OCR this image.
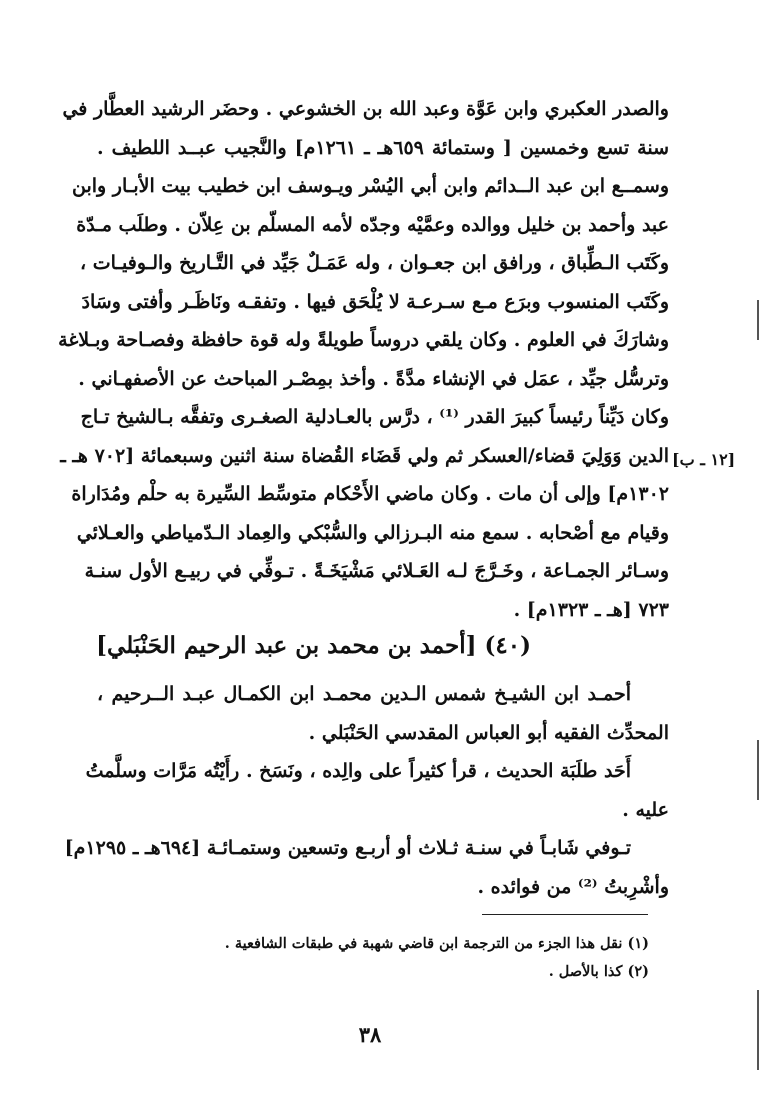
والصدر العكبري وابن عَوَّة وعبد الله بن الخشوعي . وحضَر الرشيد العطَّار في

سنة تسع وخمسين [ وستمائة ٦٥٩هـ ـ ١٢٦١م] والنَّجيب عبــد اللطيف .

وسمــع ابن عبد الــدائم وابن أبي اليُسْر ويـوسف ابن خطيب بيت الأبـار وابن

عبد وأحمد بن خليل ووالده وعمَّيْه وجدّه لأمه المسلّم بن عِلاّن . وطلَب مـدّة

وكَتَب الـطِّباق ، ورافق ابن جعـوان ، وله عَمَـلٌ جَيِّد في التَّـاريخ والـوفيـات ،

وكَتَب المنسوب وبرَع مـع سـرعـة لا يُلْحَق فيها . وتفقـه ونَاظَـر وأفتى وسَادَ

وشارَكَ في العلوم . وكان يلقي دروساً طويلةً وله قوة حافظة وفصـاحة وبـلاغة

وترسُّل جيِّد ، عمَل في الإنشاء مدَّةً . وأخذ بمِصْـر المباحث عن الأصفهـاني .

وكان دَيِّناً رئيساً كبيرَ القدر ⁽¹⁾ ، درَّس بالعـادلية الصغـرى وتفقَّه بـالشيخ تـاج

الدين وَوَلِيَ قضاء/العسكر ثم ولي قَضَاء القُضاة سنة اثنين وسبعمائة [٧٠٢ هـ ـ

١٣٠٢م] وإلى أن مات . وكان ماضي الأَحْكام متوسِّط السِّيرة به حلْم ومُدَاراة

وقيام مع أصْحابه . سمع منه البـرزالي والسُّبْكي والعِماد الـدّمياطي والعـلائي

وسـائر الجمـاعة ، وخَـرَّجَ لـه العَـلائي مَشْيَخَـةً . تـوفِّي في ربيـع الأول سنـة

٧٢٣ [هـ ـ ١٣٢٣م] .

[١٢ ـ ب]
(٤٠) [أحمد بن محمد بن عبد الرحيم الحَنْبَلي]

أحمـد ابن الشيـخ شمس الـدين محمـد ابن الكمـال عبـد الــرحيم ،

المحدِّث الفقيه أبو العباس المقدسي الحَنْبَلي .

أَحَد طلَبَة الحديث ، قرأ كثيراً على والِده ، ونَسَخ . رأَيْتُه مَرَّات وسلَّمتُ

عليه .

تـوفي شَابـاً في سنـة ثـلاث أو أربـع وتسعين وستمـائـة [٦٩٤هـ ـ ١٢٩٥م]

وأشْرِبتُ ⁽²⁾ من فوائده .

(١) نقل هذا الجزء من الترجمة ابن قاضي شهبة في طبقات الشافعية .

(٢) كذا بالأصل .

٣٨
